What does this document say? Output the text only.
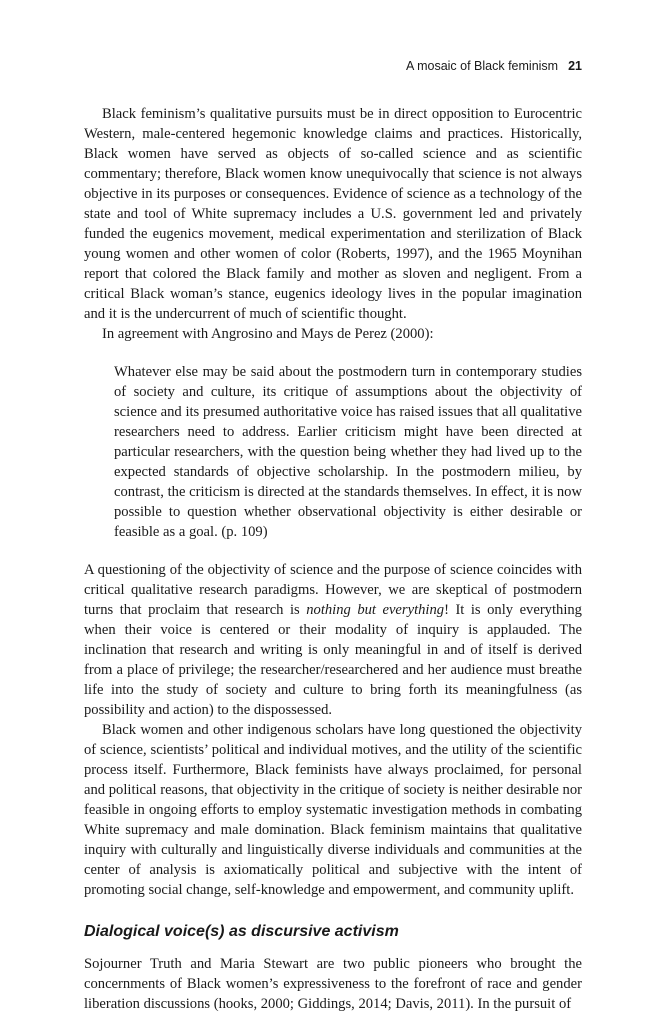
A mosaic of Black feminism 21

Black feminism’s qualitative pursuits must be in direct opposition to Eurocentric Western, male-centered hegemonic knowledge claims and practices. Historically, Black women have served as objects of so-called science and as scientific commentary; therefore, Black women know unequivocally that science is not always objective in its purposes or consequences. Evidence of science as a technology of the state and tool of White supremacy includes a U.S. government led and privately funded the eugenics movement, medical experimentation and sterilization of Black young women and other women of color (Roberts, 1997), and the 1965 Moynihan report that colored the Black family and mother as sloven and negligent. From a critical Black woman’s stance, eugenics ideology lives in the popular imagination and it is the undercurrent of much of scientific thought.

In agreement with Angrosino and Mays de Perez (2000):

Whatever else may be said about the postmodern turn in contemporary studies of society and culture, its critique of assumptions about the objectivity of science and its presumed authoritative voice has raised issues that all qualitative researchers need to address. Earlier criticism might have been directed at particular researchers, with the question being whether they had lived up to the expected standards of objective scholarship. In the postmodern milieu, by contrast, the criticism is directed at the standards themselves. In effect, it is now possible to question whether observational objectivity is either desirable or feasible as a goal. (p. 109)

A questioning of the objectivity of science and the purpose of science coincides with critical qualitative research paradigms. However, we are skeptical of postmodern turns that proclaim that research is nothing but everything! It is only everything when their voice is centered or their modality of inquiry is applauded. The inclination that research and writing is only meaningful in and of itself is derived from a place of privilege; the researcher/researchered and her audience must breathe life into the study of society and culture to bring forth its meaningfulness (as possibility and action) to the dispossessed.

Black women and other indigenous scholars have long questioned the objectivity of science, scientists’ political and individual motives, and the utility of the scientific process itself. Furthermore, Black feminists have always proclaimed, for personal and political reasons, that objectivity in the critique of society is neither desirable nor feasible in ongoing efforts to employ systematic investigation methods in combating White supremacy and male domination. Black feminism maintains that qualitative inquiry with culturally and linguistically diverse individuals and communities at the center of analysis is axiomatically political and subjective with the intent of promoting social change, self-knowledge and empowerment, and community uplift.

Dialogical voice(s) as discursive activism

Sojourner Truth and Maria Stewart are two public pioneers who brought the concernments of Black women’s expressiveness to the forefront of race and gender liberation discussions (hooks, 2000; Giddings, 2014; Davis, 2011). In the pursuit of
